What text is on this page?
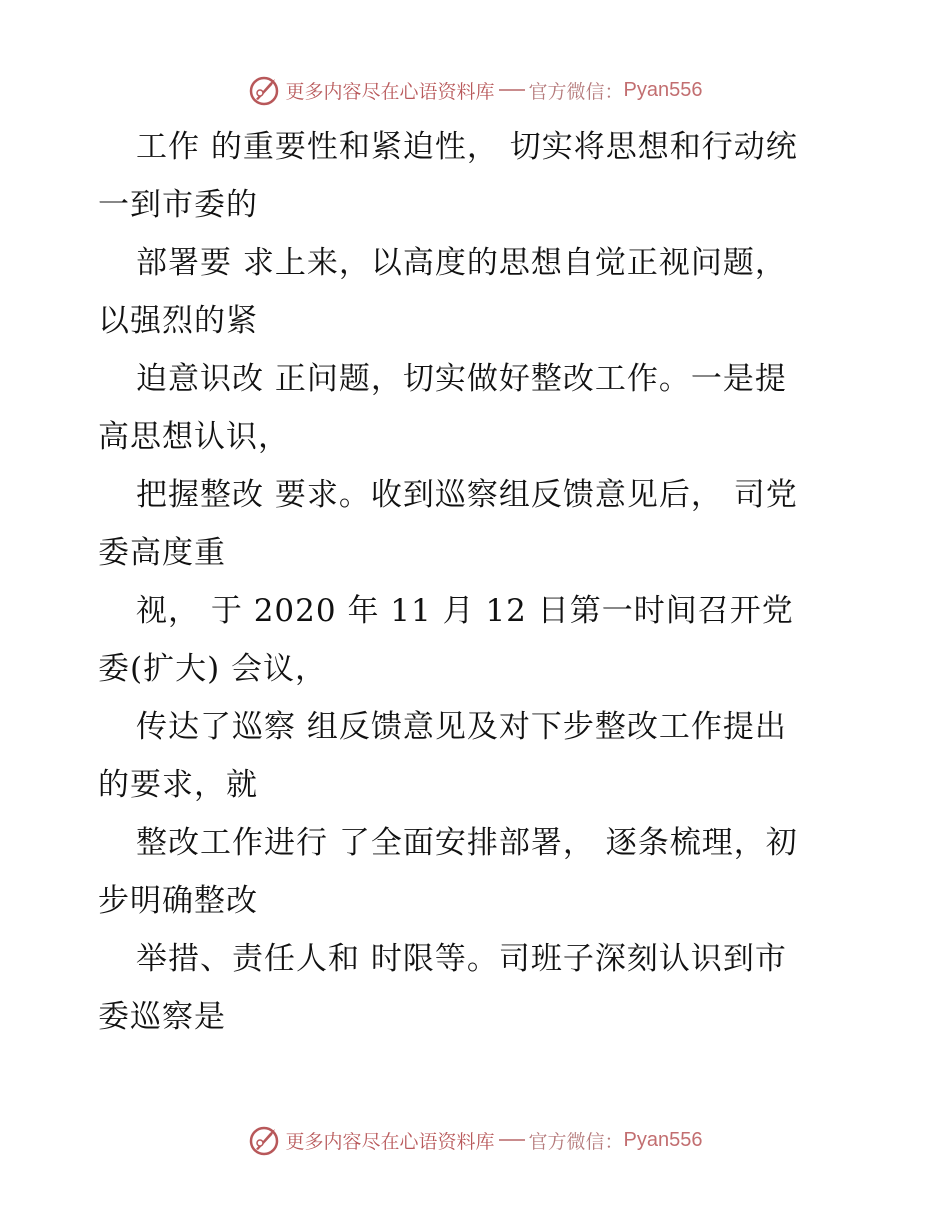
更多内容尽在心语资料库 官方微信： Pyan556
工作 的重要性和紧迫性， 切实将思想和行动统
一到市委的
部署要 求上来，以高度的思想自觉正视问题，
以强烈的紧
迫意识改 正问题，切实做好整改工作。一是提
高思想认识，
把握整改 要求。收到巡察组反馈意见后， 司党
委高度重
视， 于 2020 年 11 月 12 日第一时间召开党
委(扩大) 会议，
传达了巡察 组反馈意见及对下步整改工作提出
的要求，就
整改工作进行 了全面安排部署， 逐条梳理，初
步明确整改
举措、责任人和 时限等。司班子深刻认识到市
委巡察是
更多内容尽在心语资料库 官方微信： Pyan556
